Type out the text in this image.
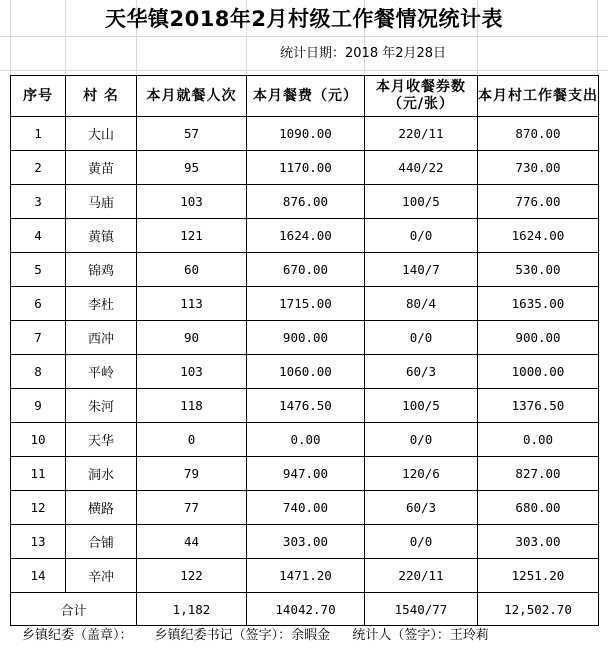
天华镇2018年2月村级工作餐情况统计表
统计日期：2018 年2月28日
序号	村 名	本月就餐人次	本月餐费（元）	本月收餐券数（元/张）	本月村工作餐支出
1	大山	57	1090.00	220/11	870.00
2	黄苗	95	1170.00	440/22	730.00
3	马庙	103	876.00	100/5	776.00
4	黄镇	121	1624.00	0/0	1624.00
5	锦鸡	60	670.00	140/7	530.00
6	李杜	113	1715.00	80/4	1635.00
7	西冲	90	900.00	0/0	900.00
8	平岭	103	1060.00	60/3	1000.00
9	朱河	118	1476.50	100/5	1376.50
10	天华	0	0.00	0/0	0.00
11	洞水	79	947.00	120/6	827.00
12	横路	77	740.00	60/3	680.00
13	合铺	44	303.00	0/0	303.00
14	辛冲	122	1471.20	220/11	1251.20
合计		1,182	14042.70	1540/77	12,502.70
乡镇纪委（盖章）： 乡镇纪委书记（签字）：余暇金 统计人（签字）：王玲莉
